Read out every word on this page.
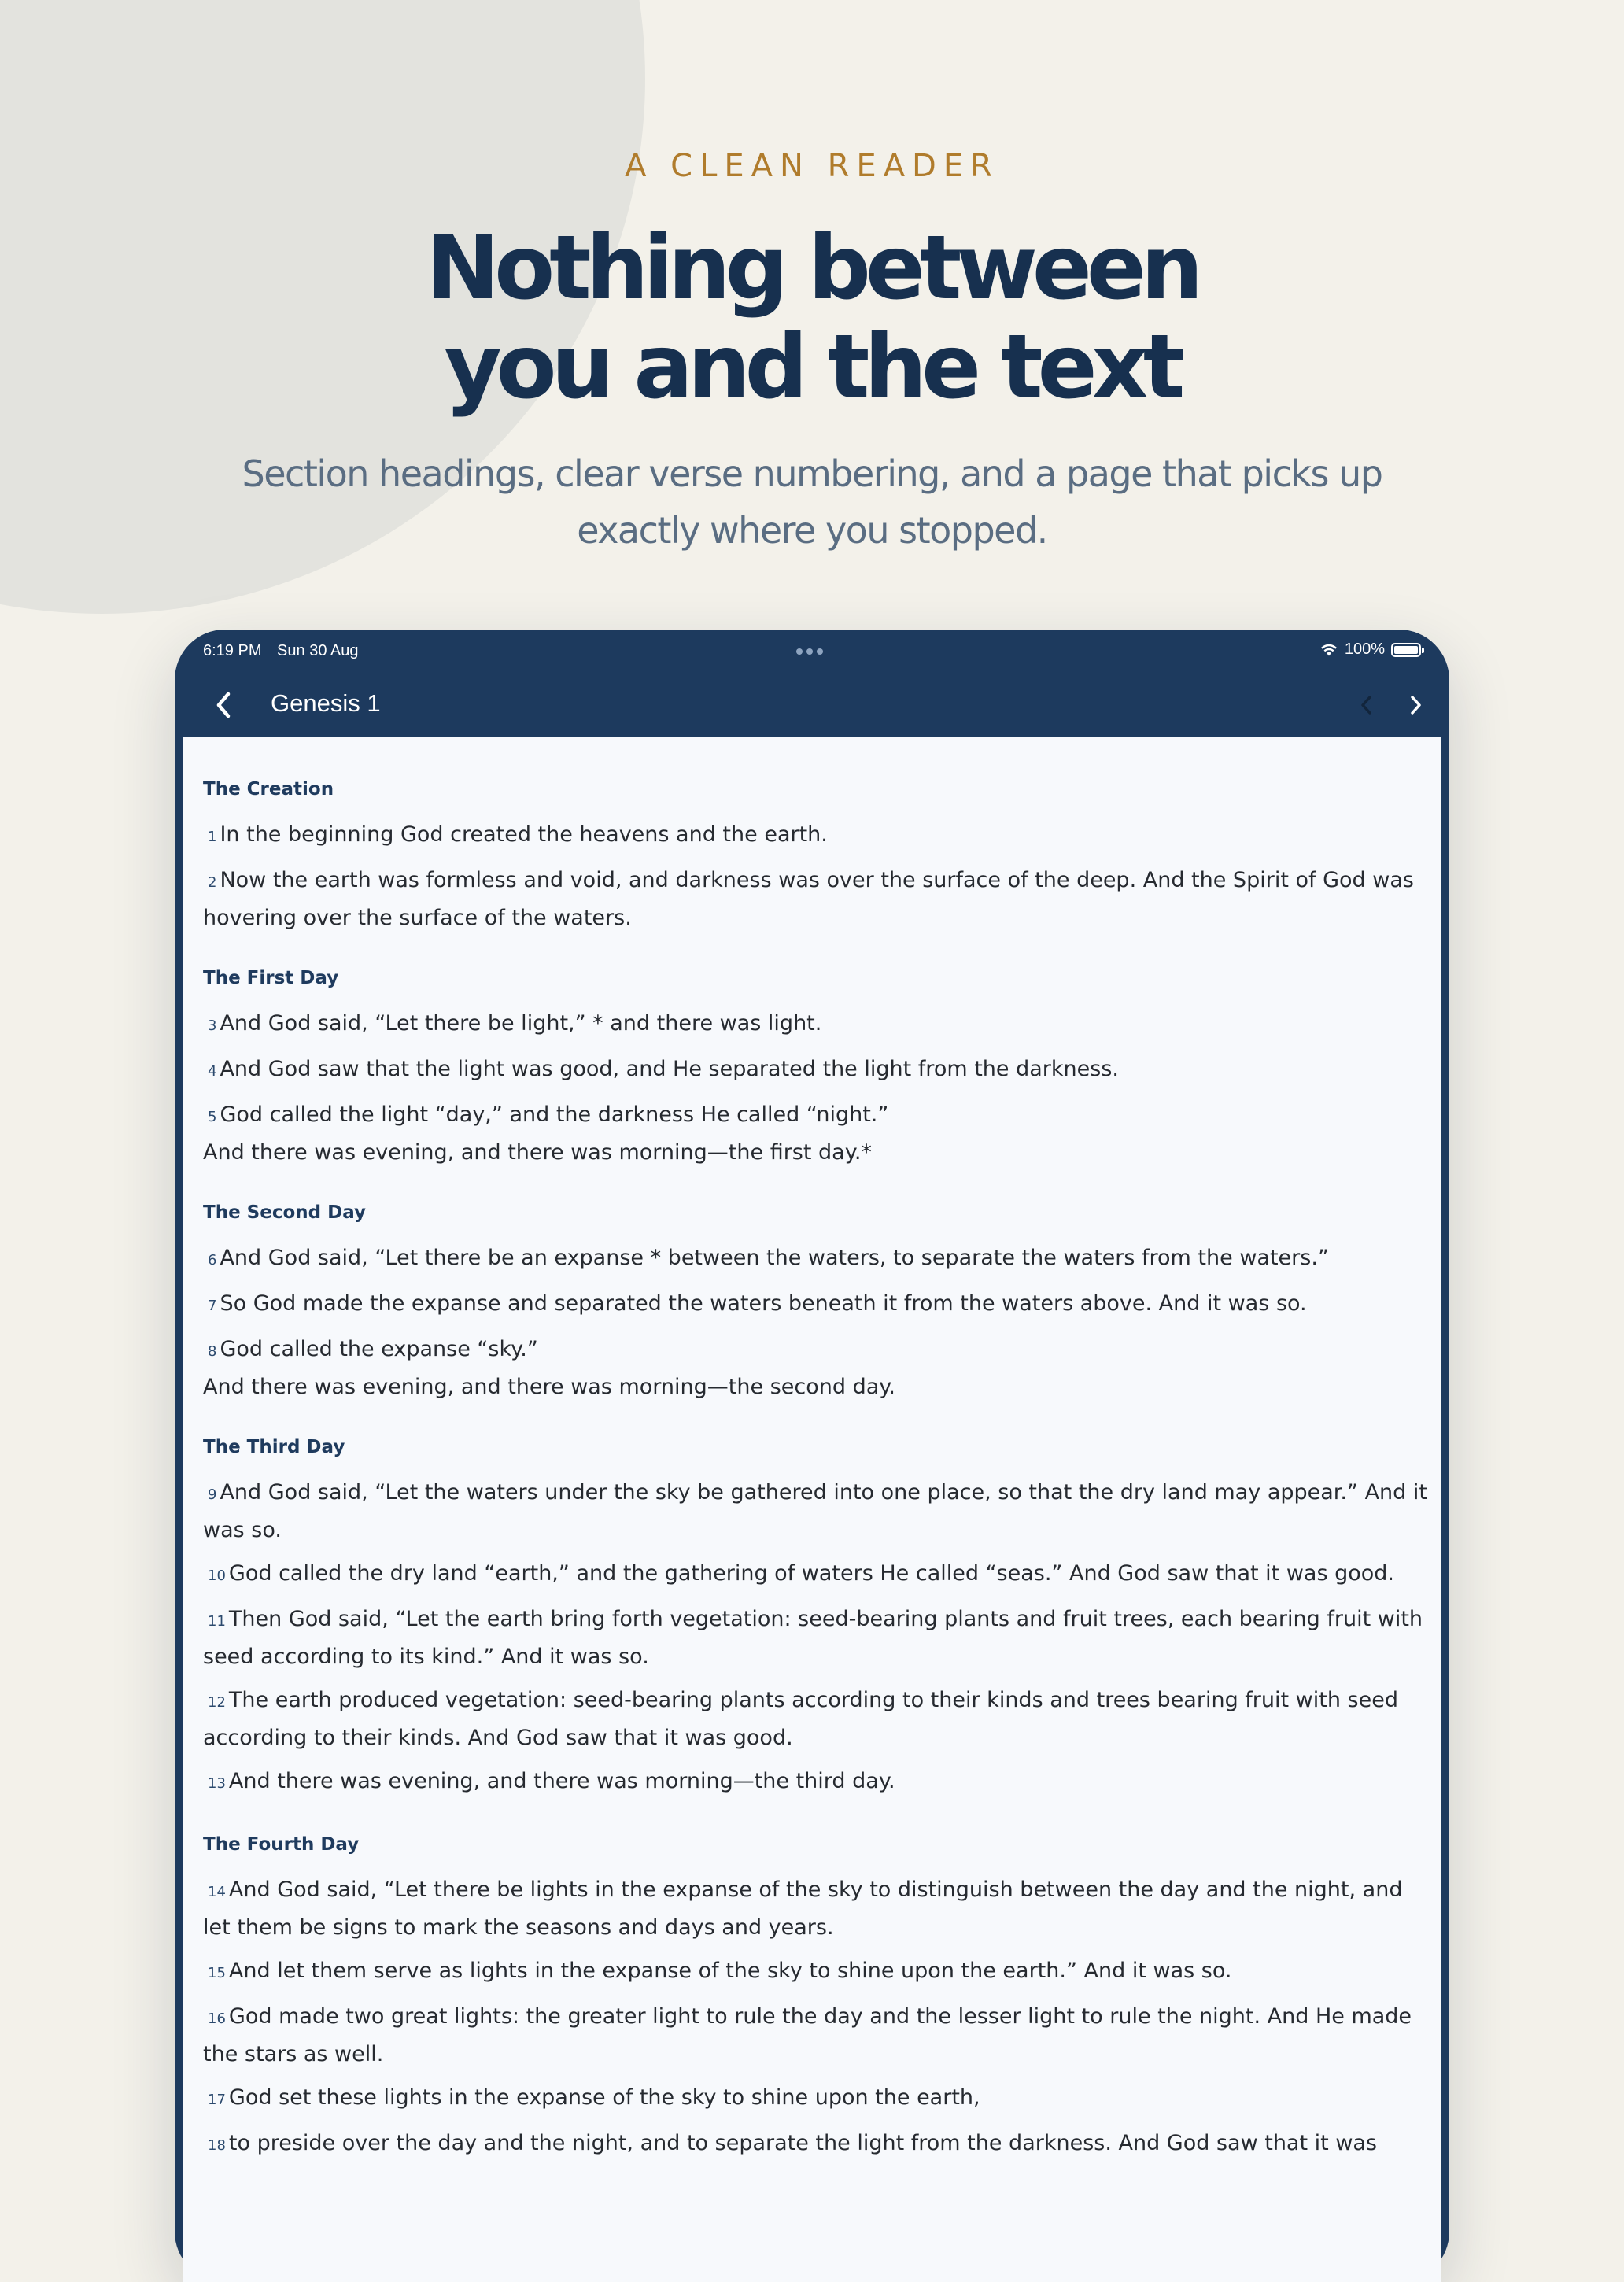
A CLEAN READER
Nothing between
you and the text
Section headings, clear verse numbering, and a page that picks up exactly where you stopped.
6:19 PM Sun 30 Aug	100%
Genesis 1
The Creation
1 In the beginning God created the heavens and the earth.
2 Now the earth was formless and void, and darkness was over the surface of the deep. And the Spirit of God was hovering over the surface of the waters.
The First Day
3 And God said, “Let there be light,” * and there was light.
4 And God saw that the light was good, and He separated the light from the darkness.
5 God called the light “day,” and the darkness He called “night.”
And there was evening, and there was morning—the first day.*
The Second Day
6 And God said, “Let there be an expanse * between the waters, to separate the waters from the waters.”
7 So God made the expanse and separated the waters beneath it from the waters above. And it was so.
8 God called the expanse “sky.”
And there was evening, and there was morning—the second day.
The Third Day
9 And God said, “Let the waters under the sky be gathered into one place, so that the dry land may appear.” And it was so.
10 God called the dry land “earth,” and the gathering of waters He called “seas.” And God saw that it was good.
11 Then God said, “Let the earth bring forth vegetation: seed-bearing plants and fruit trees, each bearing fruit with seed according to its kind.” And it was so.
12 The earth produced vegetation: seed-bearing plants according to their kinds and trees bearing fruit with seed according to their kinds. And God saw that it was good.
13 And there was evening, and there was morning—the third day.
The Fourth Day
14 And God said, “Let there be lights in the expanse of the sky to distinguish between the day and the night, and let them be signs to mark the seasons and days and years.
15 And let them serve as lights in the expanse of the sky to shine upon the earth.” And it was so.
16 God made two great lights: the greater light to rule the day and the lesser light to rule the night. And He made the stars as well.
17 God set these lights in the expanse of the sky to shine upon the earth,
18 to preside over the day and the night, and to separate the light from the darkness. And God saw that it was
